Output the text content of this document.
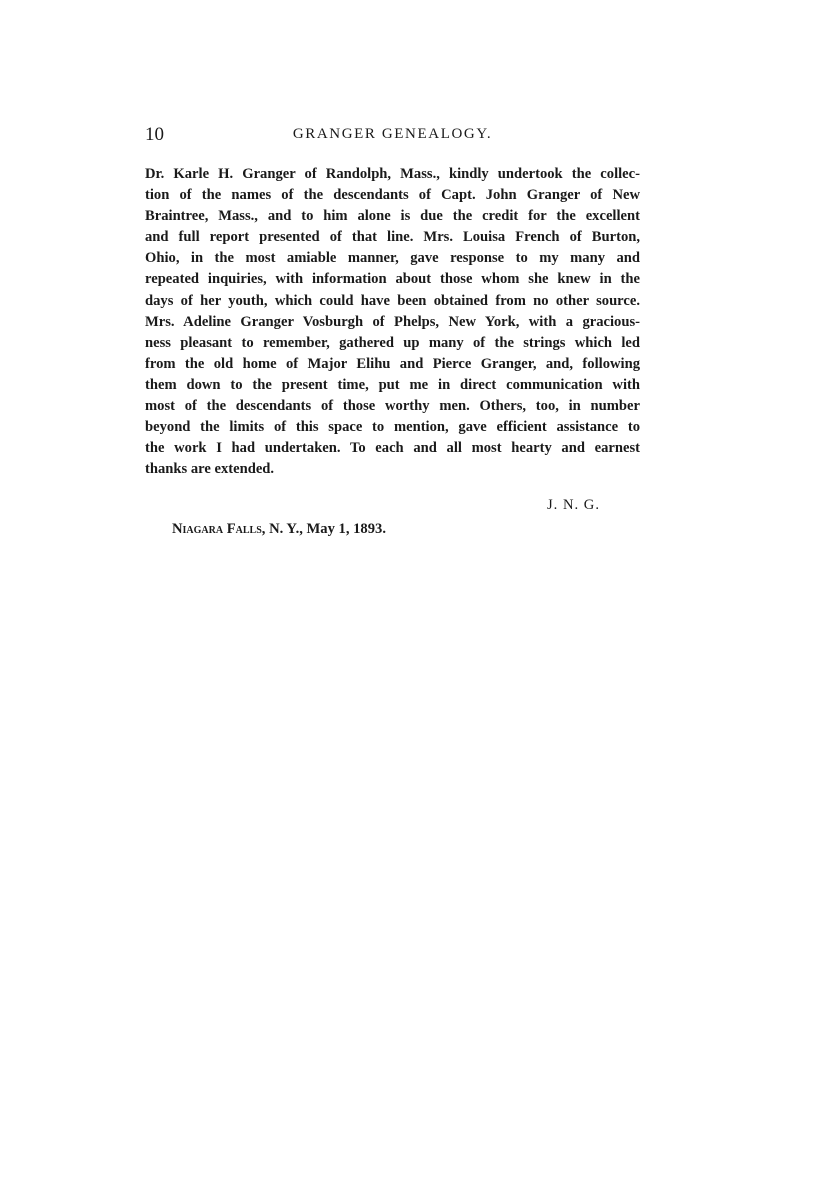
10	GRANGER GENEALOGY.

Dr. Karle H. Granger of Randolph, Mass., kindly undertook the collec-
tion of the names of the descendants of Capt. John Granger of New
Braintree, Mass., and to him alone is due the credit for the excellent
and full report presented of that line. Mrs. Louisa French of Burton,
Ohio, in the most amiable manner, gave response to my many and
repeated inquiries, with information about those whom she knew in the
days of her youth, which could have been obtained from no other source.
Mrs. Adeline Granger Vosburgh of Phelps, New York, with a gracious-
ness pleasant to remember, gathered up many of the strings which led
from the old home of Major Elihu and Pierce Granger, and, following
them down to the present time, put me in direct communication with
most of the descendants of those worthy men. Others, too, in number
beyond the limits of this space to mention, gave efficient assistance to
the work I had undertaken. To each and all most hearty and earnest
thanks are extended.

J. N. G.
Niagara Falls, N. Y., May 1, 1893.
